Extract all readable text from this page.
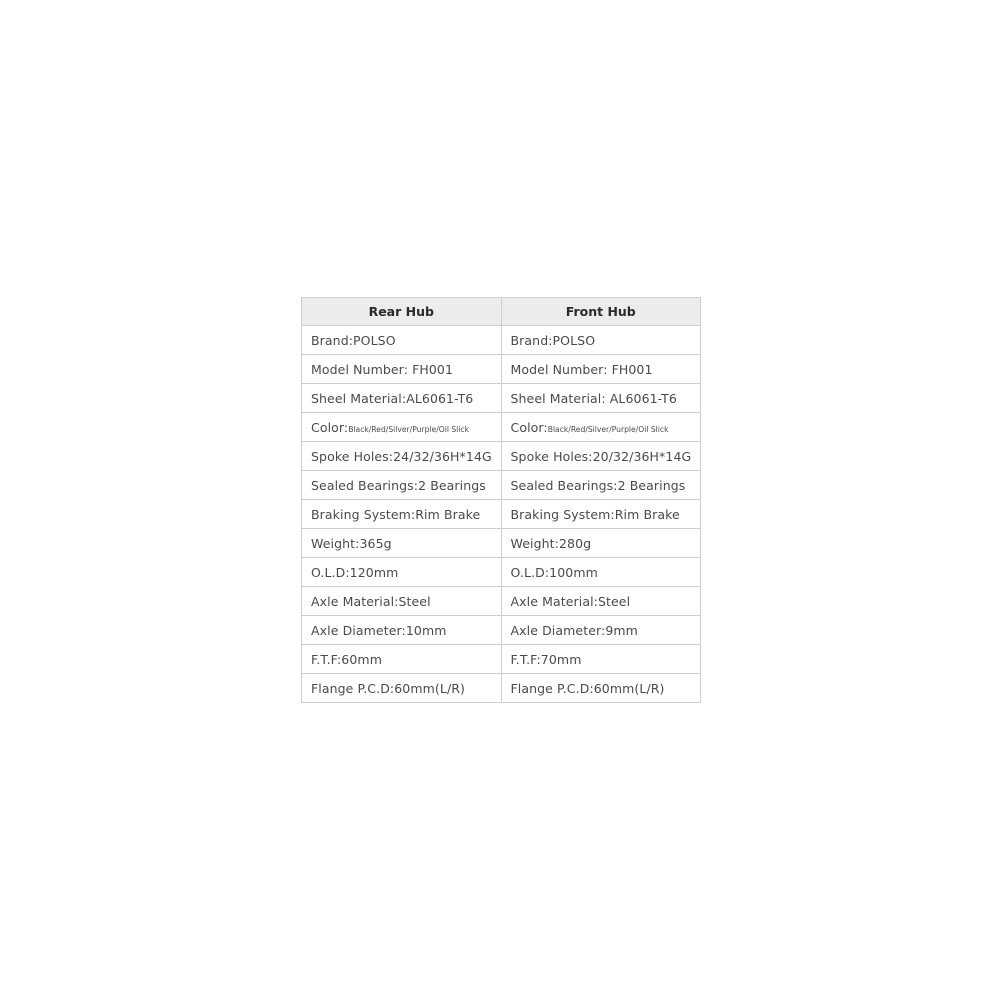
Rear Hub	Front Hub
Brand:POLSO	Brand:POLSO
Model Number: FH001	Model Number: FH001
Sheel Material:AL6061-T6	Sheel Material: AL6061-T6
Color:Black/Red/Silver/Purple/Oil Slick	Color:Black/Red/Silver/Purple/Oil Slick
Spoke Holes:24/32/36H*14G	Spoke Holes:20/32/36H*14G
Sealed Bearings:2 Bearings	Sealed Bearings:2 Bearings
Braking System:Rim Brake	Braking System:Rim Brake
Weight:365g	Weight:280g
O.L.D:120mm	O.L.D:100mm
Axle Material:Steel	Axle Material:Steel
Axle Diameter:10mm	Axle Diameter:9mm
F.T.F:60mm	F.T.F:70mm
Flange P.C.D:60mm(L/R)	Flange P.C.D:60mm(L/R)
